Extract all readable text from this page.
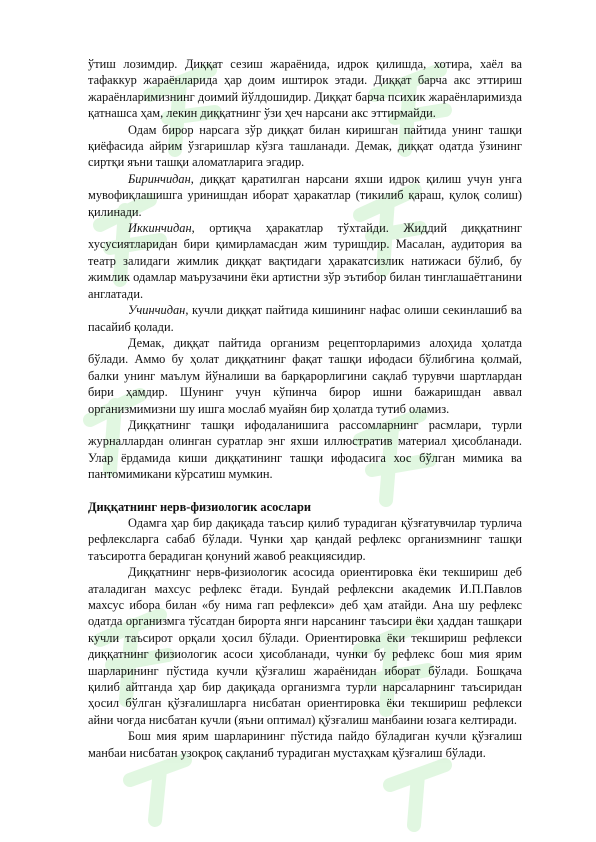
ўтиш лозимдир. Диққат сезиш жараёнида, идрок қилишда, хотира, хаёл ва тафаккур жараёнларида ҳар доим иштирок этади. Диққат барча акс эттириш жараёнларимизнинг доимий йўлдошидир. Диққат барча психик жараёнларимизда қатнашса ҳам, лекин диққатнинг ўзи ҳеч нарсани акс эттирмайди.

Одам бирор нарсага зўр диққат билан киришган пайтида унинг ташқи қиёфасида айрим ўзгаришлар кўзга ташланади. Демак, диққат одатда ўзининг сиртқи яъни ташқи аломатларига эгадир.

Биринчидан, диққат қаратилган нарсани яхши идрок қилиш учун унга мувофиқлашишга уринишдан иборат ҳаракатлар (тикилиб қараш, қулоқ солиш) қилинади.

Иккинчидан, ортиқча ҳаракатлар тўхтайди. Жиддий диққатнинг хусусиятларидан бири қимирламасдан жим туришдир. Масалан, аудитория ва театр залидаги жимлик диққат вақтидаги ҳаракатсизлик натижаси бўлиб, бу жимлик одамлар маърузачини ёки артистни зўр эътибор билан тинглашаётганини англатади.

Учинчидан, кучли диққат пайтида кишининг нафас олиши секинлашиб ва пасайиб қолади.

Демак, диққат пайтида организм рецепторларимиз алоҳида ҳолатда бўлади. Аммо бу ҳолат диққатнинг фақат ташқи ифодаси бўлибгина қолмай, балки унинг маълум йўналиши ва барқарорлигини сақлаб турувчи шартлардан бири ҳамдир. Шунинг учун кўпинча бирор ишни бажаришдан аввал организмимизни шу ишга мослаб муайян бир ҳолатда тутиб оламиз.

Диққатнинг ташқи ифодаланишига рассомларнинг расмлари, турли журналлардан олинган суратлар энг яхши иллюстратив материал ҳисобланади. Улар ёрдамида киши диққатининг ташқи ифодасига хос бўлган мимика ва пантомимикани кўрсатиш мумкин.

Диққатнинг нерв-физиологик асослари

Одамга ҳар бир дақиқада таъсир қилиб турадиган қўзғатувчилар турлича рефлексларга сабаб бўлади. Чунки ҳар қандай рефлекс организмнинг ташқи таъсиротга берадиган қонуний жавоб реакциясидир.

Диққатнинг нерв-физиологик асосида ориентировка ёки текшириш деб аталадиган махсус рефлекс ётади. Бундай рефлексни академик И.П.Павлов махсус ибора билан «бу нима гап рефлекси» деб ҳам атайди. Ана шу рефлекс одатда организмга тўсатдан бирорта янги нарсанинг таъсири ёки ҳаддан ташқари кучли таъсирот орқали ҳосил бўлади. Ориентировка ёки текшириш рефлекси диққатнинг физиологик асоси ҳисобланади, чунки бу рефлекс бош мия ярим шарларининг пўстида кучли қўзғалиш жараёнидан иборат бўлади. Бошқача қилиб айтганда ҳар бир дақиқада организмга турли нарсаларнинг таъсиридан ҳосил бўлган қўзғалишларга нисбатан ориентировка ёки текшириш рефлекси айни чоғда нисбатан кучли (яъни оптимал) қўзғалиш манбаини юзага келтиради.

Бош мия ярим шарларининг пўстида пайдо бўладиган кучли қўзғалиш манбаи нисбатан узоқроқ сақланиб турадиган мустаҳкам қўзғалиш бўлади.
